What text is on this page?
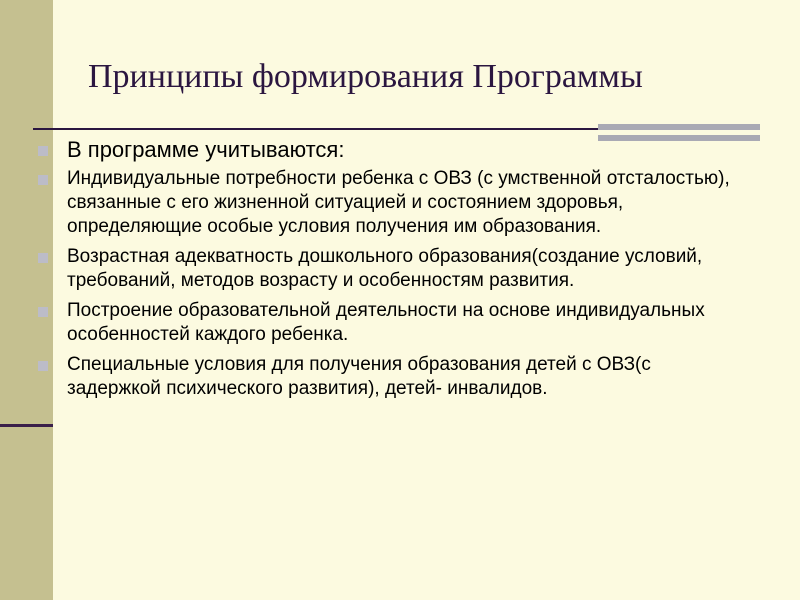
Принципы формирования Программы
В программе учитываются:
Индивидуальные потребности ребенка с ОВЗ (с умственной отсталостью), связанные с его жизненной ситуацией и состоянием здоровья, определяющие особые условия получения им образования.
Возрастная адекватность дошкольного образования(создание условий, требований, методов возрасту и особенностям развития.
Построение образовательной деятельности на основе индивидуальных особенностей каждого ребенка.
Специальные условия для получения образования детей с ОВЗ(с задержкой психического развития), детей- инвалидов.
